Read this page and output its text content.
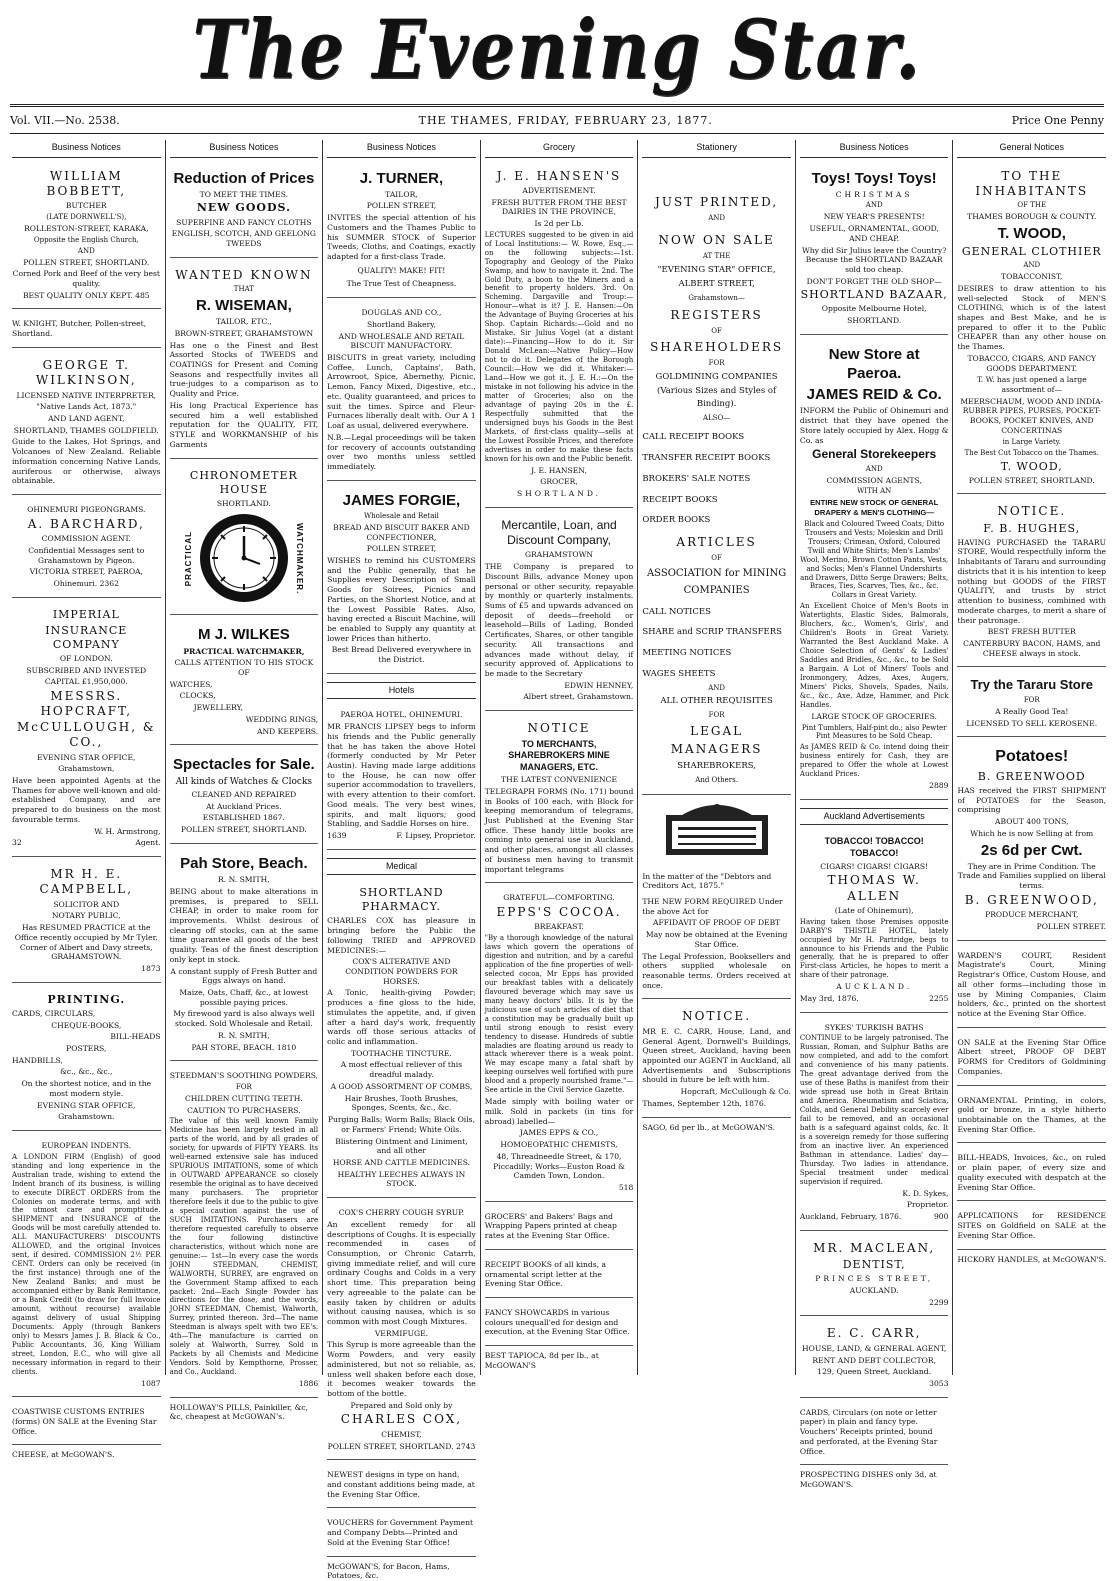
The Evening Star.
Vol. VII.—No. 2538.	THE THAMES, FRIDAY, FEBRUARY 23, 1877.	Price One Penny
Business Notices

WILLIAM BOBBETT,

BUTCHER

(LATE DORNWELL'S),

ROLLESTON-STREET, KARAKA,

Opposite the English Church,

AND

POLLEN STREET, SHORTLAND.

Corned Pork and Beef of the very best quality.

BEST QUALITY ONLY KEPT. 485

W. KNIGHT, Butcher, Pollen-street, Shortland.

GEORGE T. WILKINSON,

LICENSED NATIVE INTERPRETER,

"Native Lands Act, 1873."

AND LAND AGENT,

SHORTLAND, THAMES GOLDFIELD.

Guide to the Lakes, Hot Springs, and Volcanoes of New Zealand. Reliable information concerning Native Lands, auriferous or otherwise, always obtainable.

OHINEMURI PIGEONGRAMS.

A. BARCHARD,

COMMISSION AGENT.

Confidential Messages sent to Grahamstown by Pigeon.

VICTORIA STREET, PAEROA,

Ohinemuri. 2362

IMPERIAL

INSURANCE COMPANY

OF LONDON.

SUBSCRIBED AND INVESTED

CAPITAL £1,950,000.

MESSRS. HOPCRAFT, McCULLOUGH, & CO.,

EVENING STAR OFFICE,

Grahamstown,

Have been appointed Agents at the Thames for above well-known and old-established Company, and are prepared to do business on the most favourable terms.

W. H. Armstrong,

32	Agent.

MR H. E. CAMPBELL,

SOLICITOR AND

NOTARY PUBLIC,

Has RESUMED PRACTICE at the Office recently occupied by Mr Tyler, Corner of Albert and Davy streets, GRAHAMSTOWN.

1873

PRINTING.

CARDS, CIRCULARS,

CHEQUE-BOOKS,

BILL-HEADS

POSTERS,

HANDBILLS,

&c., &c., &c.,

On the shortest notice, and in the most modern style.

EVENING STAR OFFICE,

Grahamstown.

EUROPEAN INDENTS.

A LONDON FIRM (English) of good standing and long experience in the Australian trade, wishing to extend the Indent branch of its business, is willing to execute DIRECT ORDERS from the Colonies on moderate terms, and with the utmost care and promptitude. SHIPMENT and INSURANCE of the Goods will be most carefully attended to. ALL MANUFACTURERS' DISCOUNTS ALLOWED, and the original Invoices sent, if desired. COMMISSION 2½ PER CENT. Orders can only be received (in the first instance) through one of the New Zealand Banks; and must be accompanied either by Bank Remittance, or a Bank Credit (to draw for full Invoice amount, without recourse) available against delivery of usual Shipping Documents. Apply (through Bankers only) to Messrs James J. B. Black & Co., Public Accountants, 36, King William street, London, E.C., who will give all necessary information in regard to their clients.

1087

COASTWISE CUSTOMS ENTRIES (forms) ON SALE at the Evening Star Office.

CHEESE, at McGOWAN'S.

Business Notices

Reduction of Prices

TO MEET THE TIMES.

NEW GOODS.

SUPERFINE AND FANCY CLOTHS

ENGLISH, SCOTCH, AND GEELONG TWEEDS

WANTED KNOWN

THAT

R. WISEMAN,

TAILOR, ETC.,

BROWN-STREET, GRAHAMSTOWN

Has one o the Finest and Best Assorted Stocks of TWEEDS and COATINGS for Present and Coming Seasons and respectfully invites all true-judges to a comparison as to Quality and Price.

His long Practical Experience has secured him a well established reputation for the QUALITY, FIT, STYLE and WORKMANSHIP of his Garments

CHRONOMETER HOUSE

SHORTLAND.

PRACTICAL	WATCHMAKER.

M J. WILKES

PRACTICAL WATCHMAKER,

CALLS ATTENTION TO HIS STOCK OF

WATCHES,

CLOCKS,

JEWELLERY,

WEDDING RINGS,

AND KEEPERS.

Spectacles for Sale.

All kinds of Watches & Clocks

CLEANED AND REPAIRED

At Auckland Prices.

ESTABLISHED 1867.

POLLEN STREET, SHORTLAND.

Pah Store, Beach.

R. N. SMITH,

BEING about to make alterations in premises, is prepared to SELL CHEAP, in order to make room for improvements. Whilst desirous of clearing off stocks, can at the same time guarantee all goods of the best quality. Teas of the finest description only kept in stock.

A constant supply of Fresh Butter and Eggs always on hand.

Maize, Oats, Chaff, &c., at lowest possible paying prices.

My firewood yard is also always well stocked. Sold Wholesale and Retail.

R. N. SMITH,

PAH STORE, BEACH. 1810

STEEDMAN'S SOOTHING POWDERS,

FOR

CHILDREN CUTTING TEETH.

CAUTION TO PURCHASERS.

The value of this well known Family Medicine has been largely tested in all parts of the world, and by all grades of society, for upwards of FIFTY YEARS. Its well-earned extensive sale has induced SPURIOUS IMITATIONS, some of which in OUTWARD APPEARANCE so closely resemble the original as to have deceived many purchasers. The proprietor therefore feels it due to the public to give a special caution against the use of SUCH IMITATIONS. Purchasers are therefore requested carefully to observe the four following distinctive characteristics, without which none are genuine:— 1st—In every case the words JOHN STEEDMAN, CHEMIST, WALWORTH, SURREY, are engraved on the Government Stamp affixed to each packet. 2nd—Each Single Powder has directions for the dose, and the words, JOHN STEEDMAN, Chemist, Walworth, Surrey, printed thereon. 3rd—The name Steedman is always spelt with two EE's. 4th—The manufacture is carried on solely at Walworth, Surrey. Sold in Packets by all Chemists and Medicine Vendors. Sold by Kempthorne, Prosser, and Co., Auckland.

1886

HOLLOWAY'S PILLS, Painkiller, &c, &c, cheapest at McGOWAN's.

Business Notices

J. TURNER,

TAILOR,

POLLEN STREET,

INVITES the special attention of his Customers and the Thames Public to his SUMMER STOCK of Superior Tweeds, Cloths, and Coatings, exactly adapted for a first-class Trade.

QUALITY! MAKE! FIT!

The True Test of Cheapness.

DOUGLAS AND CO.,

Shortland Bakery,

AND WHOLESALE AND RETAIL BISCUIT MANUFACTORY.

BISCUITS in great variety, including Coffee, Lunch, Captains', Bath, Arrowroot, Spice, Abernethy, Picnic, Lemon, Fancy Mixed, Digestive, etc., etc. Quality guaranteed, and prices to suit the times. Spirce and Fleur-Furnaces liberally dealt with. Our A 1 Loaf as usual, delivered everywhere.

N.B.—Legal proceedings will be taken for recovery of accounts outstanding over two months unless settled immediately.

JAMES FORGIE,

Wholesale and Retail

BREAD AND BISCUIT BAKER AND CONFECTIONER,

POLLEN STREET,

WISHES to remind his CUSTOMERS and the Public generally, that he Supplies every Description of Small Goods for Soirees, Picnics and Parties, on the Shortest Notice, and at the Lowest Possible Rates. Also, having erected a Biscuit Machine, will be enabled to Supply any quantity at lower Prices than hitherto.

Best Bread Delivered everywhere in the District.

Hotels

PAEROA HOTEL, OHINEMURI.

MR FRANCIS LIPSEY begs to inform his friends and the Public generally that he has taken the above Hotel (formerly conducted by Mr Peter Austin). Having made large additions to the House, he can now offer superior accommodation to travellers, with every attention to their comfort. Good meals. The very best wines, spirits, and malt liquors; good Stabling, and Saddle Horses on hire.

1639	F. Lipsey, Proprietor.

Medical

SHORTLAND PHARMACY.

CHARLES COX has pleasure in bringing before the Public the following TRIED and APPROVED MEDICINES:—

COX'S ALTERATIVE AND CONDITION POWDERS FOR HORSES.

A Tonic, health-giving Powder; produces a fine gloss to the hide, stimulates the appetite, and, if given after a hard day's work, frequently wards off those serious attacks of colic and inflammation.

TOOTHACHE TINCTURE.

A most effectual reliever of this dreadful malady.

A GOOD ASSORTMENT OF COMBS,

Hair Brushes, Tooth Brushes, Sponges, Scents, &c., &c.

Purging Balls; Worm Balls; Black Oils, or Farmers' Friend; White Oils.

Blistering Ointment and Liniment, and all other

HORSE AND CATTLE MEDICINES.

HEALTHY LEECHES ALWAYS IN STOCK.

COX'S CHERRY COUGH SYRUP.

An excellent remedy for all descriptions of Coughs. It is especially recommended in cases of Consumption, or Chronic Catarrh, giving immediate relief, and will cure ordinary Coughs and Colds in a very short time. This preparation being very agreeable to the palate can be easily taken by children or adults without causing nausea, which is so common with most Cough Mixtures.

VERMIFUGE.

This Syrup is more agreeable than the Worm Powders, and very easily administered, but not so reliable, as, unless well shaken before each dose, it becomes weaker towards the bottom of the bottle.

Prepared and Sold only by

CHARLES COX,

CHEMIST,

POLLEN STREET, SHORTLAND. 2743

NEWEST designs in type on hand, and constant additions being made, at the Evening Star Office.

VOUCHERS for Government Payment and Company Debts—Printed and Sold at the Evening Star Office!

McGOWAN'S, for Bacon, Hams, Potatoes, &c.

Grocery

J. E. HANSEN'S

ADVERTISEMENT.

FRESH BUTTER FROM THE BEST DAIRIES IN THE PROVINCE,

Is 2d per Lb.

LECTURES suggested to be given in aid of Local Institutions:— W. Rowe, Esq.,—on the following subjects:—1st. Topography and Geology of the Piako Swamp, and how to navigate it. 2nd. The Gold Duty, a boon to the Miners and a benefit to property holders. 3rd. On Scheming. Dargaville and Troup:—Honour—what is it? J. E. Hansen:—On the Advantage of Buying Groceries at his Shop. Captain Richards:—Gold and no Mistake. Sir Julius Vogel (at a distant date):—Financing—How to do it. Sir Donald McLean:—Native Policy—How not to do it. Delegates of the Borough Council:—How we did it. Whitaker:—Land—How we got it. J. E. H.:—On the mistake in not following his advice in the matter of Groceries; also on the advantage of paying 20s in the £. Respectfully submitted that the undersigned buys his Goods in the Best Markets, of first-class quality—sells at the Lowest Possible Prices, and therefore advertises in order to make these facts known for his own and the Public benefit.

J. E. HANSEN,

GROCER,

SHORTLAND.

Mercantile, Loan, and Discount Company,

GRAHAMSTOWN

THE Company is prepared to Discount Bills, advance Money upon personal or other security, repayable by monthly or quarterly instalments. Sums of £5 and upwards advanced on deposit of deeds—freehold or leasehold—Bills of Lading, Bonded Certificates, Shares, or other tangible security. All transactions and advances made without delay, if security approved of. Applications to be made to the Secretary

EDWIN HENNEY,

Albert street, Grahamstown.

NOTICE

TO MERCHANTS, SHAREBROKERS MINE MANAGERS, ETC.

THE LATEST CONVENIENCE

TELEGRAPH FORMS (No. 171) bound in Books of 100 each, with Block for keeping memorandum of telegrams, Just Published at the Evening Star office. These handy little books are coming into general use in Auckland, and other places, amongst all classes of business men having to transmit important telegrams

GRATEFUL—COMFORTING.

EPPS'S COCOA.

BREAKFAST.

"By a thorough knowledge of the natural laws which govern the operations of digestion and nutrition, and by a careful application of the fine properties of well-selected cocoa, Mr Epps has provided our breakfast tables with a delicately flavoured beverage which may save us many heavy doctors' bills. It is by the judicious use of such articles of diet that a constitution may be gradually built up until strong enough to resist every tendency to disease. Hundreds of subtle maladies are floating around us ready to attack wherever there is a weak point. We may escape many a fatal shaft by keeping ourselves well fortified with pure blood and a properly nourished frame."—See article in the Civil Service Gazette.

Made simply with boiling water or milk. Sold in packets (in tins for abroad) labelled—

JAMES EPPS & CO.,

HOMOEOPATHIC CHEMISTS,

48, Threadneedle Street, & 170, Piccadilly; Works—Euston Road & Camden Town, London.

518

GROCERS' and Bakers' Bags and Wrapping Papers printed at cheap rates at the Evening Star Office.

RECEIPT BOOKS of all kinds, a ornamental script letter at the Evening Star Office.

FANCY SHOWCARDS in various colours unequall'ed for design and execution, at the Evening Star Office.

BEST TAPIOCA, 8d per lb., at McGOWAN'S

Stationery

JUST PRINTED,

AND

NOW ON SALE

AT THE

"EVENING STAR" OFFICE,

ALBERT STREET,

Grahamstown—

REGISTERS

OF

SHAREHOLDERS

FOR

GOLDMINING COMPANIES

(Various Sizes and Styles of Binding).

ALSO—

CALL RECEIPT BOOKS

TRANSFER RECEIPT BOOKS

BROKERS' SALE NOTES

RECEIPT BOOKS

ORDER BOOKS

ARTICLES

OF

ASSOCIATION for MINING

COMPANIES

CALL NOTICES

SHARE and SCRIP TRANSFERS

MEETING NOTICES

WAGES SHEETS

AND

ALL OTHER REQUISITES

FOR

LEGAL MANAGERS

SHAREBROKERS,

And Others.

In the matter of the "Debtors and Creditors Act, 1875."

THE NEW FORM REQUIRED Under the above Act for

AFFIDAVIT OF PROOF OF DEBT

May now be obtained at the Evening Star Office.

The Legal Profession, Booksellers and others supplied wholesale on reasonable terms. Orders received at once.

NOTICE.

MR E. C. CARR, House, Land, and General Agent, Dornwell's Buildings, Queen street, Auckland, having been appointed our AGENT in Auckland, all Advertisements and Subscriptions should in future be left with him.

Hopcraft, McCullough & Co.

Thames, September 12th, 1876.

SAGO, 6d per lb., at McGOWAN'S.

Business Notices

Toys! Toys! Toys!

CHRISTMAS

AND

NEW YEAR'S PRESENTS!

USEFUL, ORNAMENTAL, GOOD, AND CHEAP.

Why did Sir Julius leave the Country? Because the SHORTLAND BAZAAR sold too cheap.

DON'T FORGET THE OLD SHOP—

SHORTLAND BAZAAR,

Opposite Melbourne Hotel,

SHORTLAND.

New Store at Paeroa.

JAMES REID & Co.

INFORM the Public of Ohinemuri and district that they have opened the Store lately occupied by Alex. Hogg & Co. as

General Storekeepers

AND

COMMISSION AGENTS,

WITH AN

ENTIRE NEW STOCK OF GENERAL DRAPERY & MEN'S CLOTHING—

Black and Coloured Tweed Coats; Ditto Trousers and Vests; Moleskin and Drill Trousers; Crimean, Oxford, Coloured Twill and White Shirts; Men's Lambs' Wool, Merino, Brown Cotton Pants, Vests, and Socks; Men's Flannel Undershirts and Drawers, Ditto Serge Drawers; Belts, Braces, Ties, Scarves, Ties, &c., &c. Collars in Great Variety.

An Excellent Choice of Men's Boots in Watertights, Elastic Sides, Balmorals, Bluchers, &c., Women's, Girls', and Children's Boots in Great Variety. Warranted the Best Auckland Make. A Choice Selection of Gents' & Ladies' Saddles and Bridles, &c., &c., to be Sold a Bargain. A Lot of Miners' Tools and Ironmongery, Adzes, Axes, Augers, Miners' Picks, Shovels, Spades, Nails, &c., &c., Axe, Adze, Hammer, and Pick Handles.

LARGE STOCK OF GROCERIES.

Pint Tumblers, Half-pint do.; also Pewter Pint Measures to be Sold Cheap.

As JAMES REID & Co. intend doing their business entirely for Cash, they are prepared to Offer the whole at Lowest Auckland Prices.

2889

Auckland Advertisements

TOBACCO! TOBACCO! TOBACCO!

CIGARS! CIGARS! CIGARS!

THOMAS W. ALLEN

(Late of Ohinemuri),

Having taken those Premises opposite DARBY'S THISTLE HOTEL, lately occupied by Mr H. Partridge, begs to announce to his Friends and the Public generally, that he is prepared to offer First-class Articles, he hopes to merit a share of their patronage.

AUCKLAND.

May 3rd, 1876.	2255

SYKES' TURKISH BATHS

CONTINUE to be largely patronised. The Russian, Roman, and Sulphur Baths are now completed, and add to the comfort and convenience of his many patients. The great advantage derived from the use of these Baths is manifest from their wide spread use both in Great Britain and America. Rheumatism and Sciatica, Colds, and General Debility scarcely ever fail to be removed, and an occasional bath is a safeguard against colds, &c. It is a sovereign remedy for those suffering from an inactive liver. An experienced Bathman in attendance. Ladies' day—Thursday. Two ladies in attendance. Special treatment under medical supervision if required.

K. D. Sykes,

Proprietor.

Auckland, February, 1876.	900

MR. MACLEAN,

DENTIST,

PRINCES STREET,

AUCKLAND.

2299

E. C. CARR,

HOUSE, LAND, & GENERAL AGENT,

RENT AND DEBT COLLECTOR,

129, Queen Street, Auckland.

3053

CARDS, Circulars (on note or letter paper) in plain and fancy type. Vouchers' Receipts printed, bound and perforated, at the Evening Star Office.

PROSPECTING DISHES only 3d, at McGOWAN'S.

General Notices

TO THE INHABITANTS

OF THE

THAMES BOROUGH & COUNTY.

T. WOOD,

GENERAL CLOTHIER

AND

TOBACCONIST,

DESIRES to draw attention to his well-selected Stock of MEN'S CLOTHING, which is of the latest shapes and Best Make, and he is prepared to offer it to the Public CHEAPER than any other house on the Thames.

TOBACCO, CIGARS, AND FANCY GOODS DEPARTMENT.

T. W. has just opened a large assortment of—

MEERSCHAUM, WOOD AND INDIA-RUBBER PIPES, PURSES, POCKET-BOOKS, POCKET KNIVES, AND CONCERTINAS

in Large Variety.

The Best Cut Tobacco on the Thames.

T. WOOD,

POLLEN STREET, SHORTLAND.

NOTICE.

F. B. HUGHES,

HAVING PURCHASED the TARARU STORE, Would respectfully inform the Inhabitants of Tararu and surrounding districts that it is his intention to keep nothing but GOODS of the FIRST QUALITY, and trusts by strict attention to business, combined with moderate charges, to merit a share of their patronage.

BEST FRESH BUTTER

CANTERBURY BACON, HAMS, and CHEESE always in stock.

Try the Tararu Store

FOR

A Really Good Tea!

LICENSED TO SELL KEROSENE.

Potatoes!

B. GREENWOOD

HAS received the FIRST SHIPMENT of POTATOES for the Season, comprising

ABOUT 400 TONS,

Which he is now Selling at from

2s 6d per Cwt.

They are in Prime Condition. The Trade and Families supplied on liberal terms.

B. GREENWOOD,

PRODUCE MERCHANT,

POLLEN STREET.

WARDEN'S COURT, Resident Magistrate's Court, Mining Registrar's Office, Custom House, and all other forms—including those in use by Mining Companies, Claim holders, &c., printed on the shortest notice at the Evening Star Office.

ON SALE at the Evening Star Office Albert street, PROOF OF DEBT FORMS for Creditors of Goldmining Companies.

ORNAMENTAL Printing, in colors, gold or bronze, in a style hitherto unobtainable on the Thames, at the Evening Star Office.

BILL-HEADS, Invoices, &c., on ruled or plain paper, of every size and quality executed with despatch at the Evening Star Office.

APPLICATIONS for RESIDENCE SITES on Goldfield on SALE at the Evening Star Office.

HICKORY HANDLES, at McGOWAN'S.
